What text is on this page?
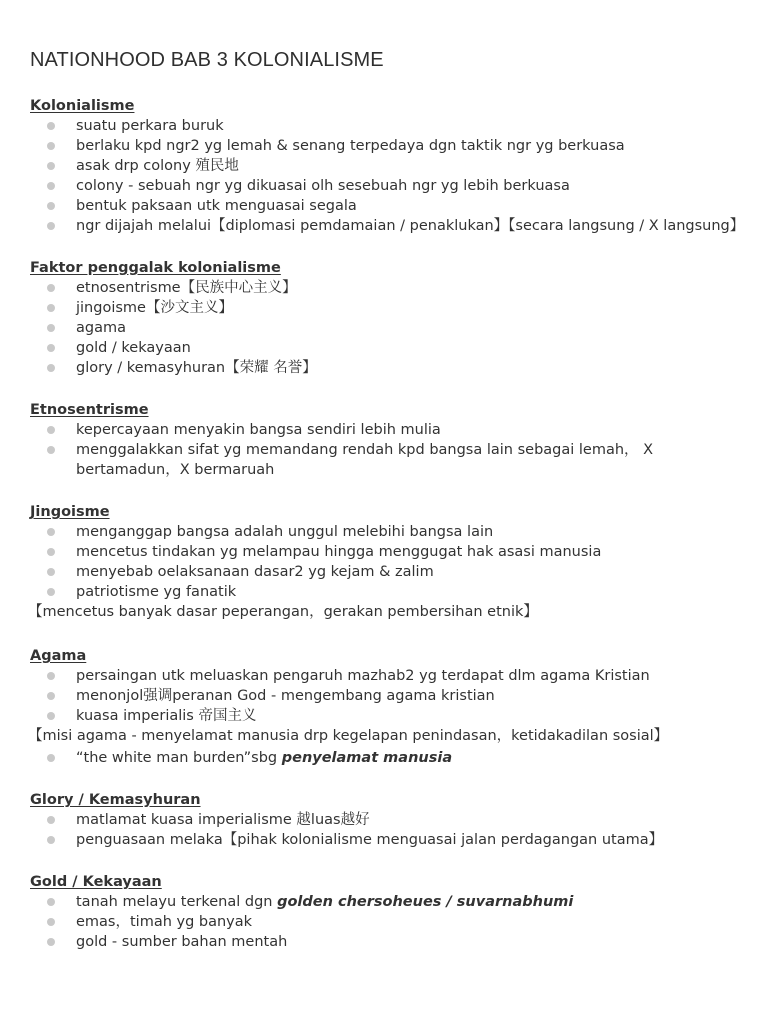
NATIONHOOD BAB 3 KOLONIALISME
Kolonialisme
suatu perkara buruk
berlaku kpd ngr2 yg lemah & senang terpedaya dgn taktik ngr yg berkuasa
asak drp colony 殖民地
colony - sebuah ngr yg dikuasai olh sesebuah ngr yg lebih berkuasa
bentuk paksaan utk menguasai segala
ngr dijajah melalui【diplomasi pemdamaian / penaklukan】【secara langsung / X langsung】
Faktor penggalak kolonialisme
etnosentrisme【民族中心主义】
jingoisme【沙文主义】
agama
gold / kekayaan
glory / kemasyhuran【荣耀 名誉】
Etnosentrisme
kepercayaan menyakin bangsa sendiri lebih mulia
menggalakkan sifat yg memandang rendah kpd bangsa lain sebagai lemah， X bertamadun，X bermaruah
Jingoisme
menganggap bangsa adalah unggul melebihi bangsa lain
mencetus tindakan yg melampau hingga menggugat hak asasi manusia
menyebab oelaksanaan dasar2 yg kejam & zalim
patriotisme yg fanatik
【mencetus banyak dasar peperangan，gerakan pembersihan etnik】
Agama
persaingan utk meluaskan pengaruh mazhab2 yg terdapat dlm agama Kristian
menonjol强调peranan God - mengembang agama kristian
kuasa imperialis 帝国主义
【misi agama - menyelamat manusia drp kegelapan penindasan，ketidakadilan sosial】
“the white man burden”sbg penyelamat manusia
Glory / Kemasyhuran
matlamat kuasa imperialisme 越luas越好
penguasaan melaka【pihak kolonialisme menguasai jalan perdagangan utama】
Gold / Kekayaan
tanah melayu terkenal dgn golden chersoheues / suvarnabhumi
emas，timah yg banyak
gold - sumber bahan mentah
